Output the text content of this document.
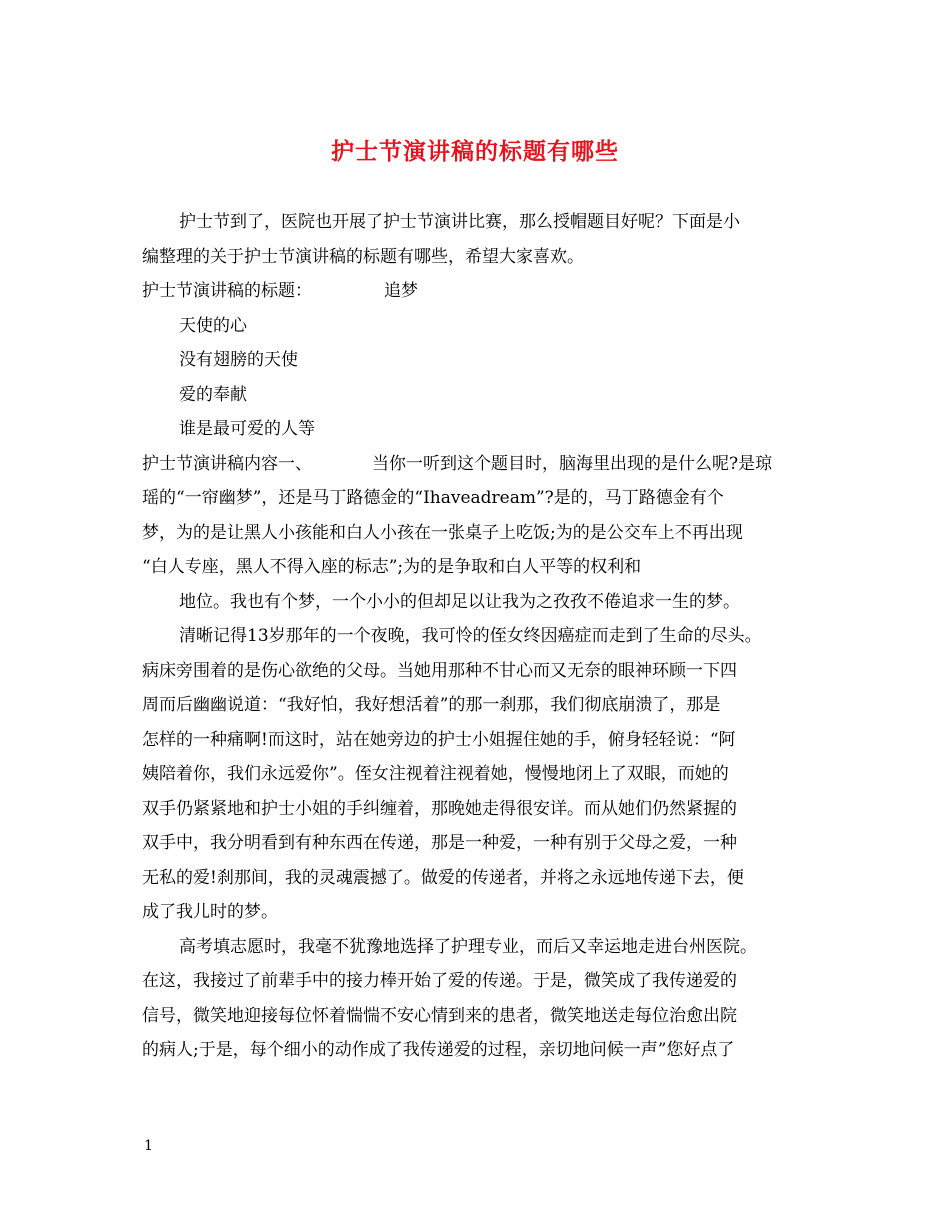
护士节演讲稿的标题有哪些

护士节到了，医院也开展了护士节演讲比赛，那么授帽题目好呢？下面是小

编整理的关于护士节演讲稿的标题有哪些，希望大家喜欢。

护士节演讲稿的标题：	追梦

天使的心

没有翅膀的天使

爱的奉献

谁是最可爱的人等

护士节演讲稿内容一、	当你一听到这个题目时，脑海里出现的是什么呢?是琼

瑶的“一帘幽梦”，还是马丁路德金的“Ihaveadream”?是的，马丁路德金有个

梦，为的是让黑人小孩能和白人小孩在一张桌子上吃饭;为的是公交车上不再出现

“白人专座，黑人不得入座的标志”;为的是争取和白人平等的权利和

地位。我也有个梦，一个小小的但却足以让我为之孜孜不倦追求一生的梦。

清晰记得13岁那年的一个夜晚，我可怜的侄女终因癌症而走到了生命的尽头。

病床旁围着的是伤心欲绝的父母。当她用那种不甘心而又无奈的眼神环顾一下四

周而后幽幽说道：“我好怕，我好想活着”的那一刹那，我们彻底崩溃了，那是

怎样的一种痛啊!而这时，站在她旁边的护士小姐握住她的手，俯身轻轻说：“阿

姨陪着你，我们永远爱你”。侄女注视着注视着她，慢慢地闭上了双眼，而她的

双手仍紧紧地和护士小姐的手纠缠着，那晚她走得很安详。而从她们仍然紧握的

双手中，我分明看到有种东西在传递，那是一种爱，一种有别于父母之爱，一种

无私的爱!刹那间，我的灵魂震撼了。做爱的传递者，并将之永远地传递下去，便

成了我儿时的梦。

高考填志愿时，我毫不犹豫地选择了护理专业，而后又幸运地走进台州医院。

在这，我接过了前辈手中的接力棒开始了爱的传递。于是，微笑成了我传递爱的

信号，微笑地迎接每位怀着惴惴不安心情到来的患者，微笑地送走每位治愈出院

的病人;于是，每个细小的动作成了我传递爱的过程，亲切地问候一声”您好点了

1
